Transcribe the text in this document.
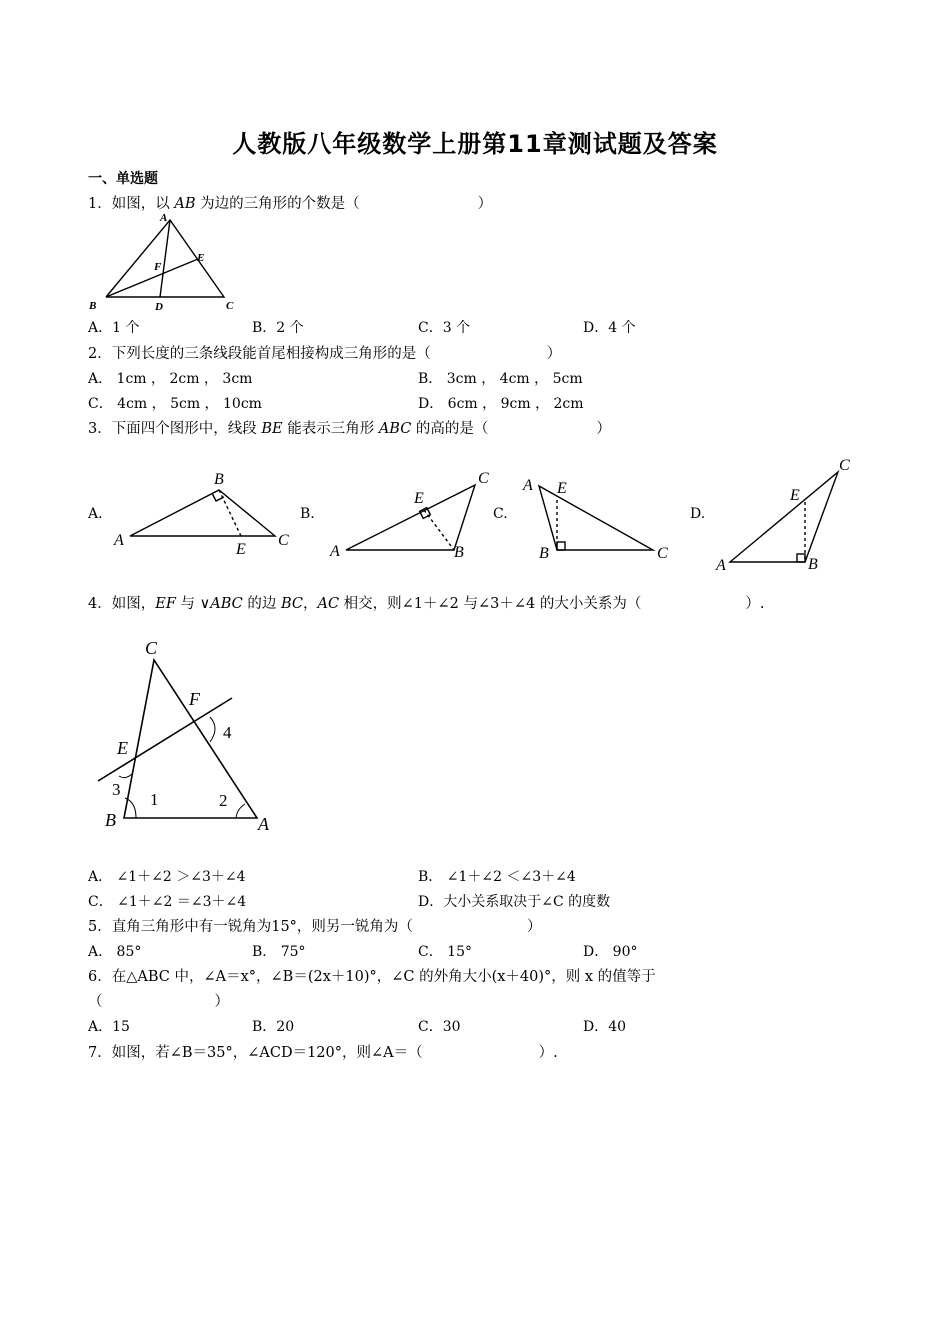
人教版八年级数学上册第11章测试题及答案
一、单选题
1．如图，以 AB 为边的三角形的个数是（	）
A
B	C
D
E
F
A．1 个	B．2 个	C．3 个	D．4 个
2．下列长度的三条线段能首尾相接构成三角形的是（	）
A． 1cm ， 2cm ， 3cm	B． 3cm ， 4cm ， 5cm
C． 4cm ， 5cm ， 10cm	D． 6cm ， 9cm ， 2cm
3．下面四个图形中，线段 BE 能表示三角形 ABC 的高的是（	）
A.	B.	C.	D.
A
B
C
E	A	B
C
E
A
B	C
E
A	B
C
E
4．如图，EF 与 ∨ABC 的边 BC，AC 相交，则∠1＋∠2 与∠3＋∠4 的大小关系为（	）.
C
B	A
E
F
1	2
3
4
A． ∠1＋∠2 ＞∠3＋∠4	B． ∠1＋∠2 ＜∠3＋∠4
C． ∠1＋∠2 ＝∠3＋∠4	D．大小关系取决于∠C 的度数
5．直角三角形中有一锐角为15°，则另一锐角为（	）
A． 85°	B． 75°	C． 15°	D． 90°
6．在△ABC 中，∠A＝x°，∠B＝(2x＋10)°，∠C 的外角大小(x＋40)°，则 x 的值等于
（	）
A．15	B．20	C．30	D．40
7．如图，若∠B＝35°，∠ACD＝120°，则∠A＝（	）.
